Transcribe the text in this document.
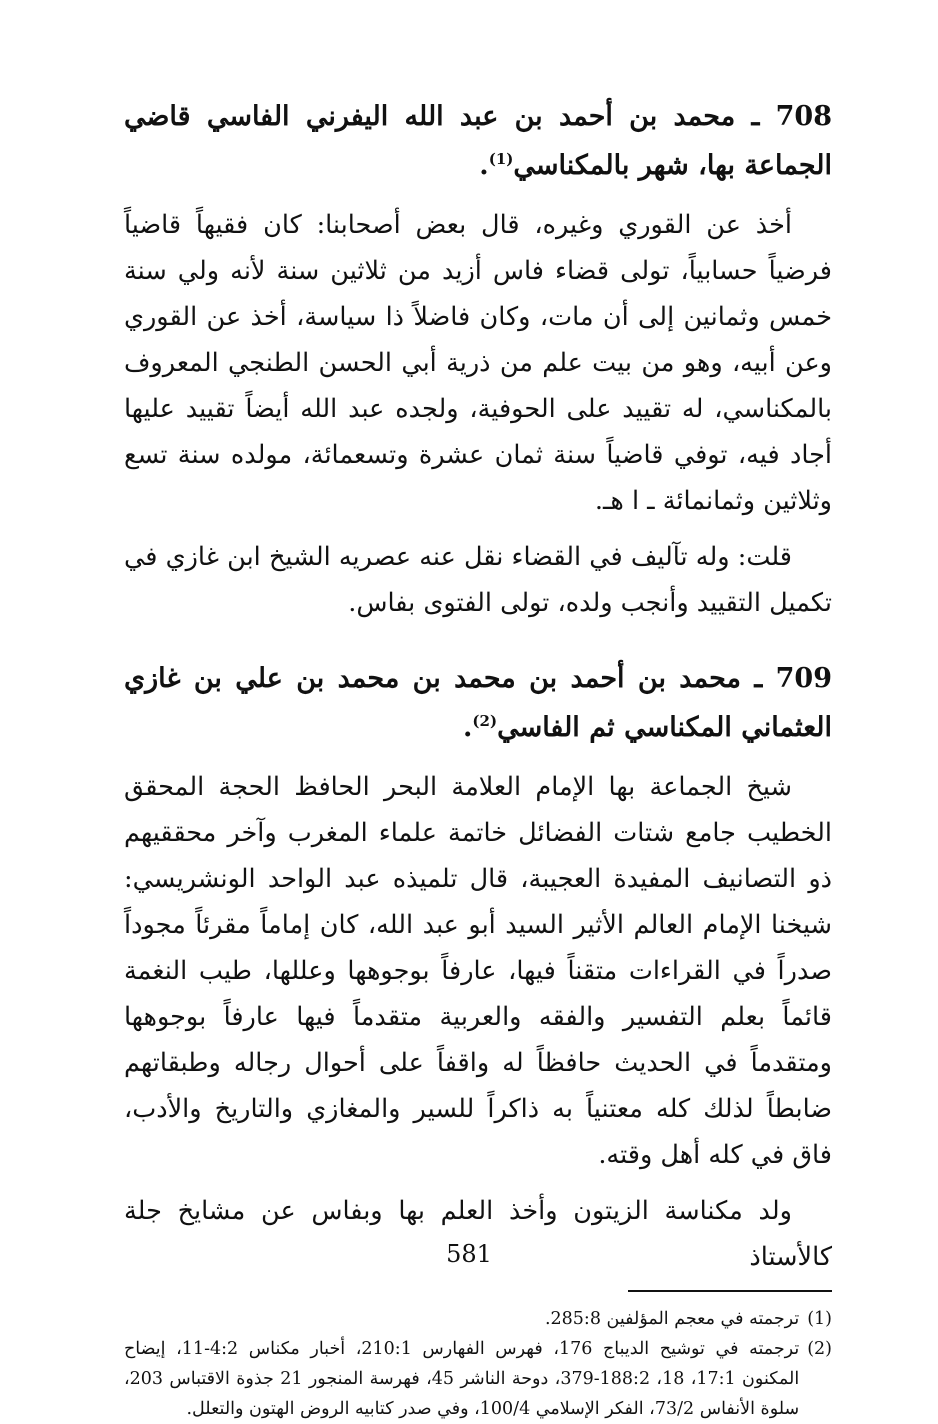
708 ـ محمد بن أحمد بن عبد الله اليفرني الفاسي قاضي الجماعة بها، شهر بالمكناسي$^{(1)}$.

أخذ عن القوري وغيره، قال بعض أصحابنا: كان فقيهاً قاضياً فرضياً حسابياً، تولى قضاء فاس أزيد من ثلاثين سنة لأنه ولي سنة خمس وثمانين إلى أن مات، وكان فاضلاً ذا سياسة، أخذ عن القوري وعن أبيه، وهو من بيت علم من ذرية أبي الحسن الطنجي المعروف بالمكناسي، له تقييد على الحوفية، ولجده عبد الله أيضاً تقييد عليها أجاد فيه، توفي قاضياً سنة ثمان عشرة وتسعمائة، مولده سنة تسع وثلاثين وثمانمائة ـ ا هـ.

قلت: وله تآليف في القضاء نقل عنه عصريه الشيخ ابن غازي في تكميل التقييد وأنجب ولده، تولى الفتوى بفاس.

709 ـ محمد بن أحمد بن محمد بن محمد بن علي بن غازي العثماني المكناسي ثم الفاسي$^{(2)}$.

شيخ الجماعة بها الإمام العلامة البحر الحافظ الحجة المحقق الخطيب جامع شتات الفضائل خاتمة علماء المغرب وآخر محققيهم ذو التصانيف المفيدة العجيبة، قال تلميذه عبد الواحد الونشريسي: شيخنا الإمام العالم الأثير السيد أبو عبد الله، كان إماماً مقرئاً مجوداً صدراً في القراءات متقناً فيها، عارفاً بوجوهها وعللها، طيب النغمة قائماً بعلم التفسير والفقه والعربية متقدماً فيها عارفاً بوجوهها ومتقدماً في الحديث حافظاً له واقفاً على أحوال رجاله وطبقاتهم ضابطاً لذلك كله معتنياً به ذاكراً للسير والمغازي والتاريخ والأدب، فاق في كله أهل وقته.

ولد مكناسة الزيتون وأخذ العلم بها وبفاس عن مشايخ جلة كالأستاذ

(1)
ترجمته في معجم المؤلفين 285:8.
(2)
ترجمته في توشيح الديباج 176، فهرس الفهارس 210:1، أخبار مكناس 4:2-11، إيضاح المكنون 17:1، 18، 188:2-379، دوحة الناشر 45، فهرسة المنجور 21 جذوة الاقتباس 203، سلوة الأنفاس 73/2، الفكر الإسلامي 100/4، وفي صدر كتابيه الروض الهتون والتعلل.
581
